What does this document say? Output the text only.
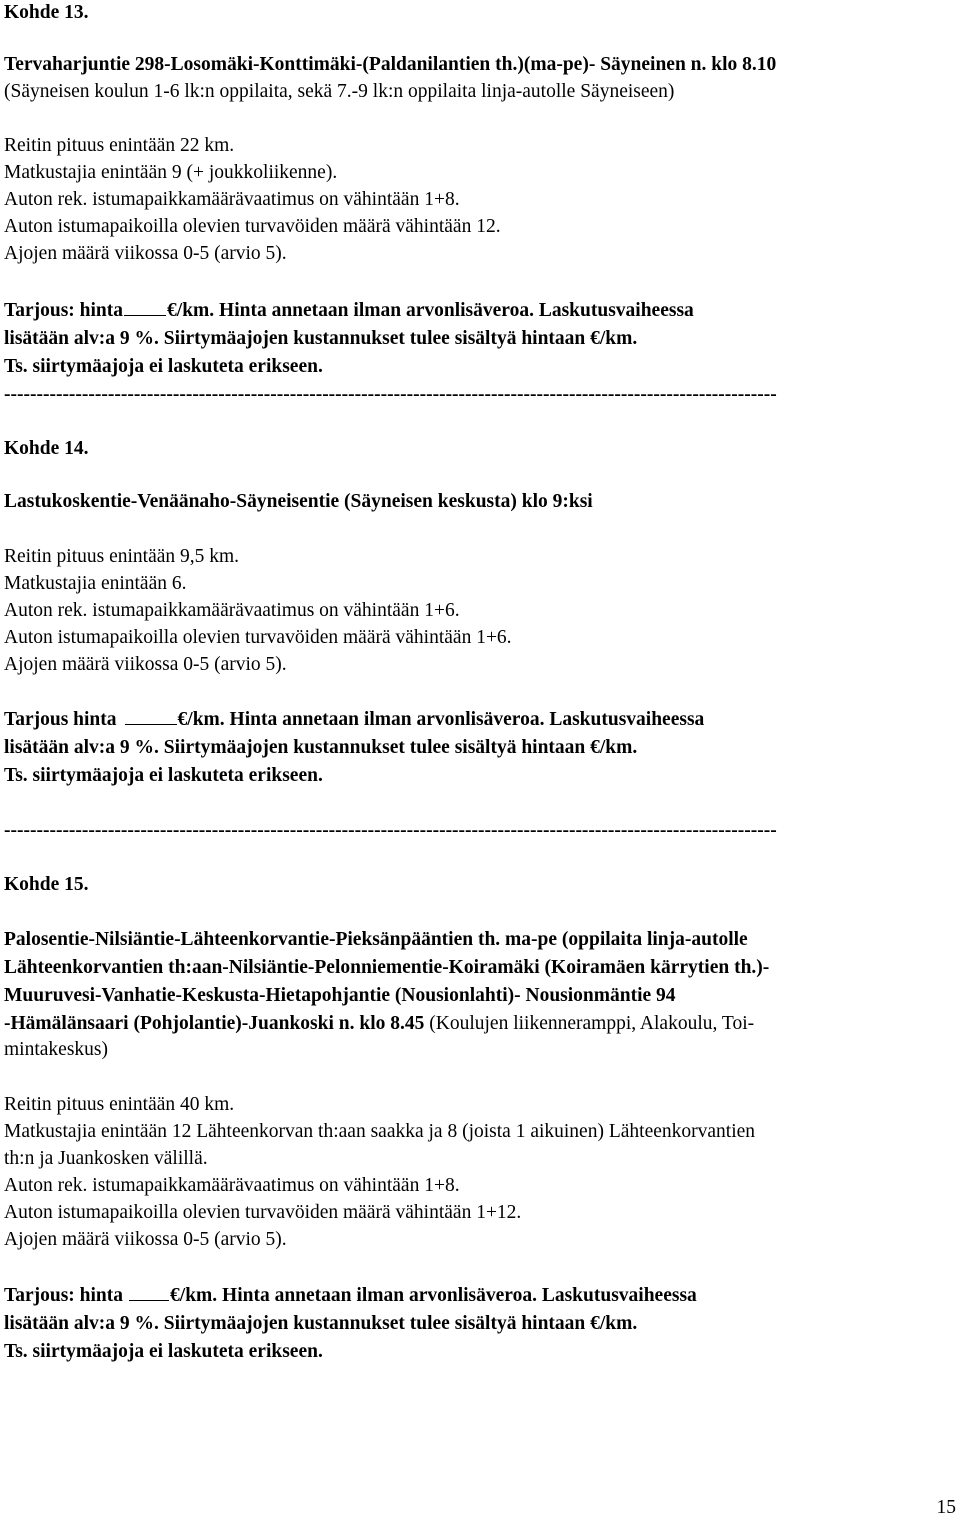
Kohde 13.
Tervaharjuntie 298-Losomäki-Konttimäki-(Paldanilantien th.)(ma-pe)- Säyneinen n. klo 8.10
(Säyneisen koulun 1-6 lk:n oppilaita, sekä 7.-9 lk:n oppilaita linja-autolle Säyneiseen)
Reitin pituus enintään 22 km.
Matkustajia enintään 9 (+ joukkoliikenne).
Auton rek. istumapaikkamäärävaatimus on vähintään 1+8.
Auton istumapaikoilla olevien turvavöiden määrä vähintään 12.
Ajojen määrä viikossa 0-5 (arvio 5).
Tarjous: hinta €/km. Hinta annetaan ilman arvonlisäveroa. Laskutusvaiheessa
lisätään alv:a 9 %. Siirtymäajojen kustannukset tulee sisältyä hintaan €/km.
Ts. siirtymäajoja ei laskuteta erikseen.
-----------------------------------------------------------------------------------------------------------------------
Kohde 14.
Lastukoskentie-Venäänaho-Säyneisentie (Säyneisen keskusta) klo 9:ksi
Reitin pituus enintään 9,5 km.
Matkustajia enintään 6.
Auton rek. istumapaikkamäärävaatimus on vähintään 1+6.
Auton istumapaikoilla olevien turvavöiden määrä vähintään 1+6.
Ajojen määrä viikossa 0-5 (arvio 5).
Tarjous hinta	€/km. Hinta annetaan ilman arvonlisäveroa. Laskutusvaiheessa
lisätään alv:a 9 %. Siirtymäajojen kustannukset tulee sisältyä hintaan €/km.
Ts. siirtymäajoja ei laskuteta erikseen.
-----------------------------------------------------------------------------------------------------------------------
Kohde 15.
Palosentie-Nilsiäntie-Lähteenkorvantie-Pieksänpääntien th. ma-pe (oppilaita linja-autolle
Lähteenkorvantien th:aan-Nilsiäntie-Pelonniementie-Koiramäki (Koiramäen kärrytien th.)-
Muuruvesi-Vanhatie-Keskusta-Hietapohjantie (Nousionlahti)- Nousionmäntie 94
-Hämälänsaari (Pohjolantie)-Juankoski n. klo 8.45 (Koulujen liikenneramppi, Alakoulu, Toi-
mintakeskus)
Reitin pituus enintään 40 km.
Matkustajia enintään 12 Lähteenkorvan th:aan saakka ja 8 (joista 1 aikuinen) Lähteenkorvantien
th:n ja Juankosken välillä.
Auton rek. istumapaikkamäärävaatimus on vähintään 1+8.
Auton istumapaikoilla olevien turvavöiden määrä vähintään 1+12.
Ajojen määrä viikossa 0-5 (arvio 5).
Tarjous: hinta €/km. Hinta annetaan ilman arvonlisäveroa. Laskutusvaiheessa
lisätään alv:a 9 %. Siirtymäajojen kustannukset tulee sisältyä hintaan €/km.
Ts. siirtymäajoja ei laskuteta erikseen.
15
